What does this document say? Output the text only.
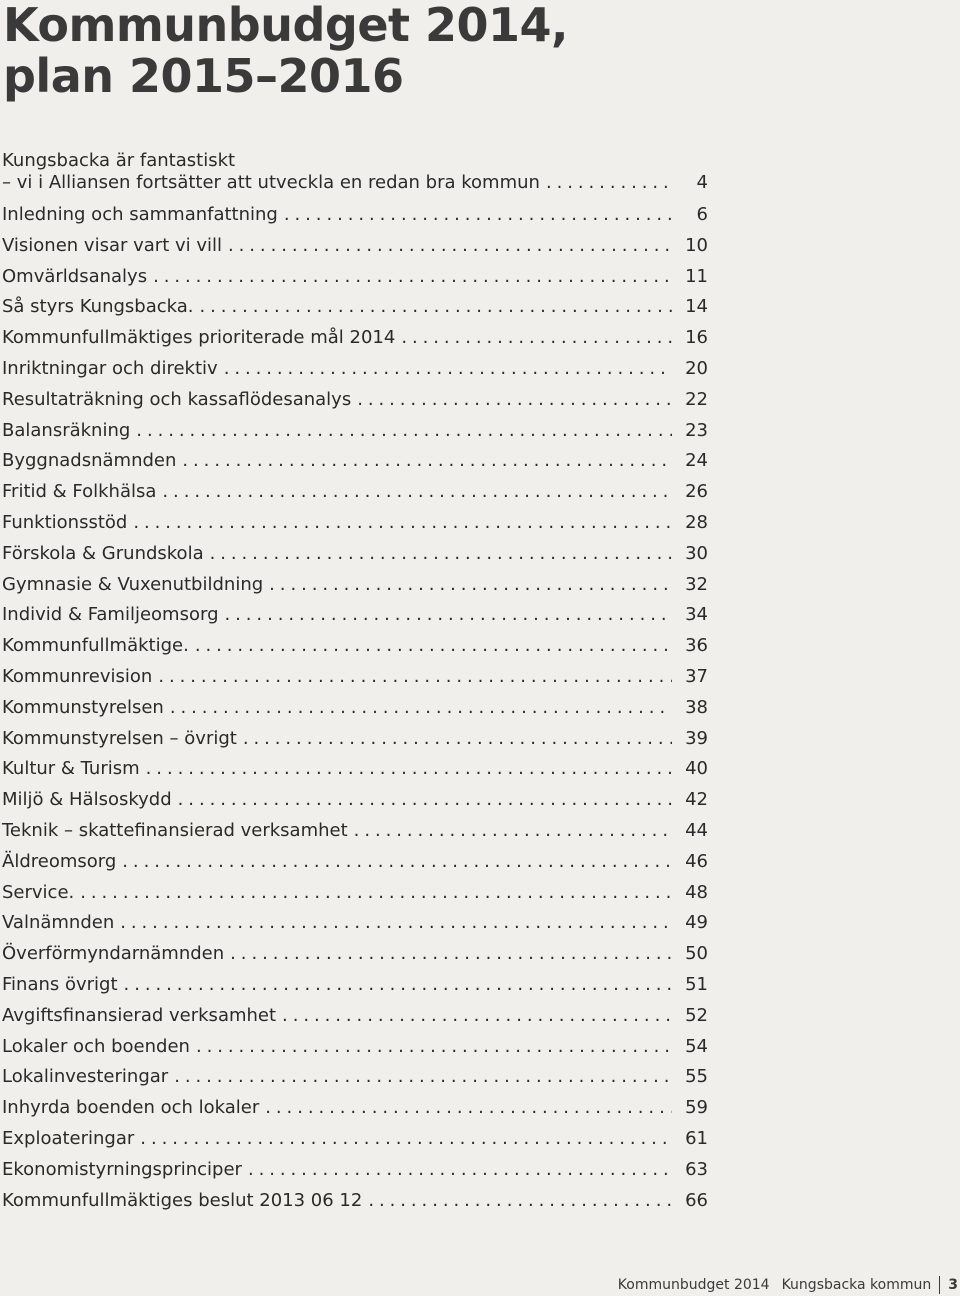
Kommunbudget 2014,
plan 2015–2016
Kungsbacka är fantastiskt
– vi i Alliansen fortsätter att utveckla en redan bra kommun . . .	4
Inledning och sammanfattning . . .	6
Visionen visar vart vi vill . . .	10
Omvärldsanalys . . .	11
Så styrs Kungsbacka. . . .	14
Kommunfullmäktiges prioriterade mål 2014 . . .	16
Inriktningar och direktiv . . .	20
Resultaträkning och kassaflödesanalys . . .	22
Balansräkning . . .	23
Byggnadsnämnden . . .	24
Fritid & Folkhälsa . . .	26
Funktionsstöd . . .	28
Förskola & Grundskola . . .	30
Gymnasie & Vuxenutbildning . . .	32
Individ & Familjeomsorg . . .	34
Kommunfullmäktige. . . .	36
Kommunrevision . . .	37
Kommunstyrelsen . . .	38
Kommunstyrelsen – övrigt . . .	39
Kultur & Turism . . .	40
Miljö & Hälsoskydd . . .	42
Teknik – skattefinansierad verksamhet . . .	44
Äldreomsorg . . .	46
Service. . . .	48
Valnämnden . . .	49
Överförmyndarnämnden . . .	50
Finans övrigt . . .	51
Avgiftsfinansierad verksamhet . . .	52
Lokaler och boenden . . .	54
Lokalinvesteringar . . .	55
Inhyrda boenden och lokaler . . .	59
Exploateringar . . .	61
Ekonomistyrningsprinciper . . .	63
Kommunfullmäktiges beslut 2013 06 12 . . .	66
Kommunbudget 2014 Kungsbacka kommun 3
